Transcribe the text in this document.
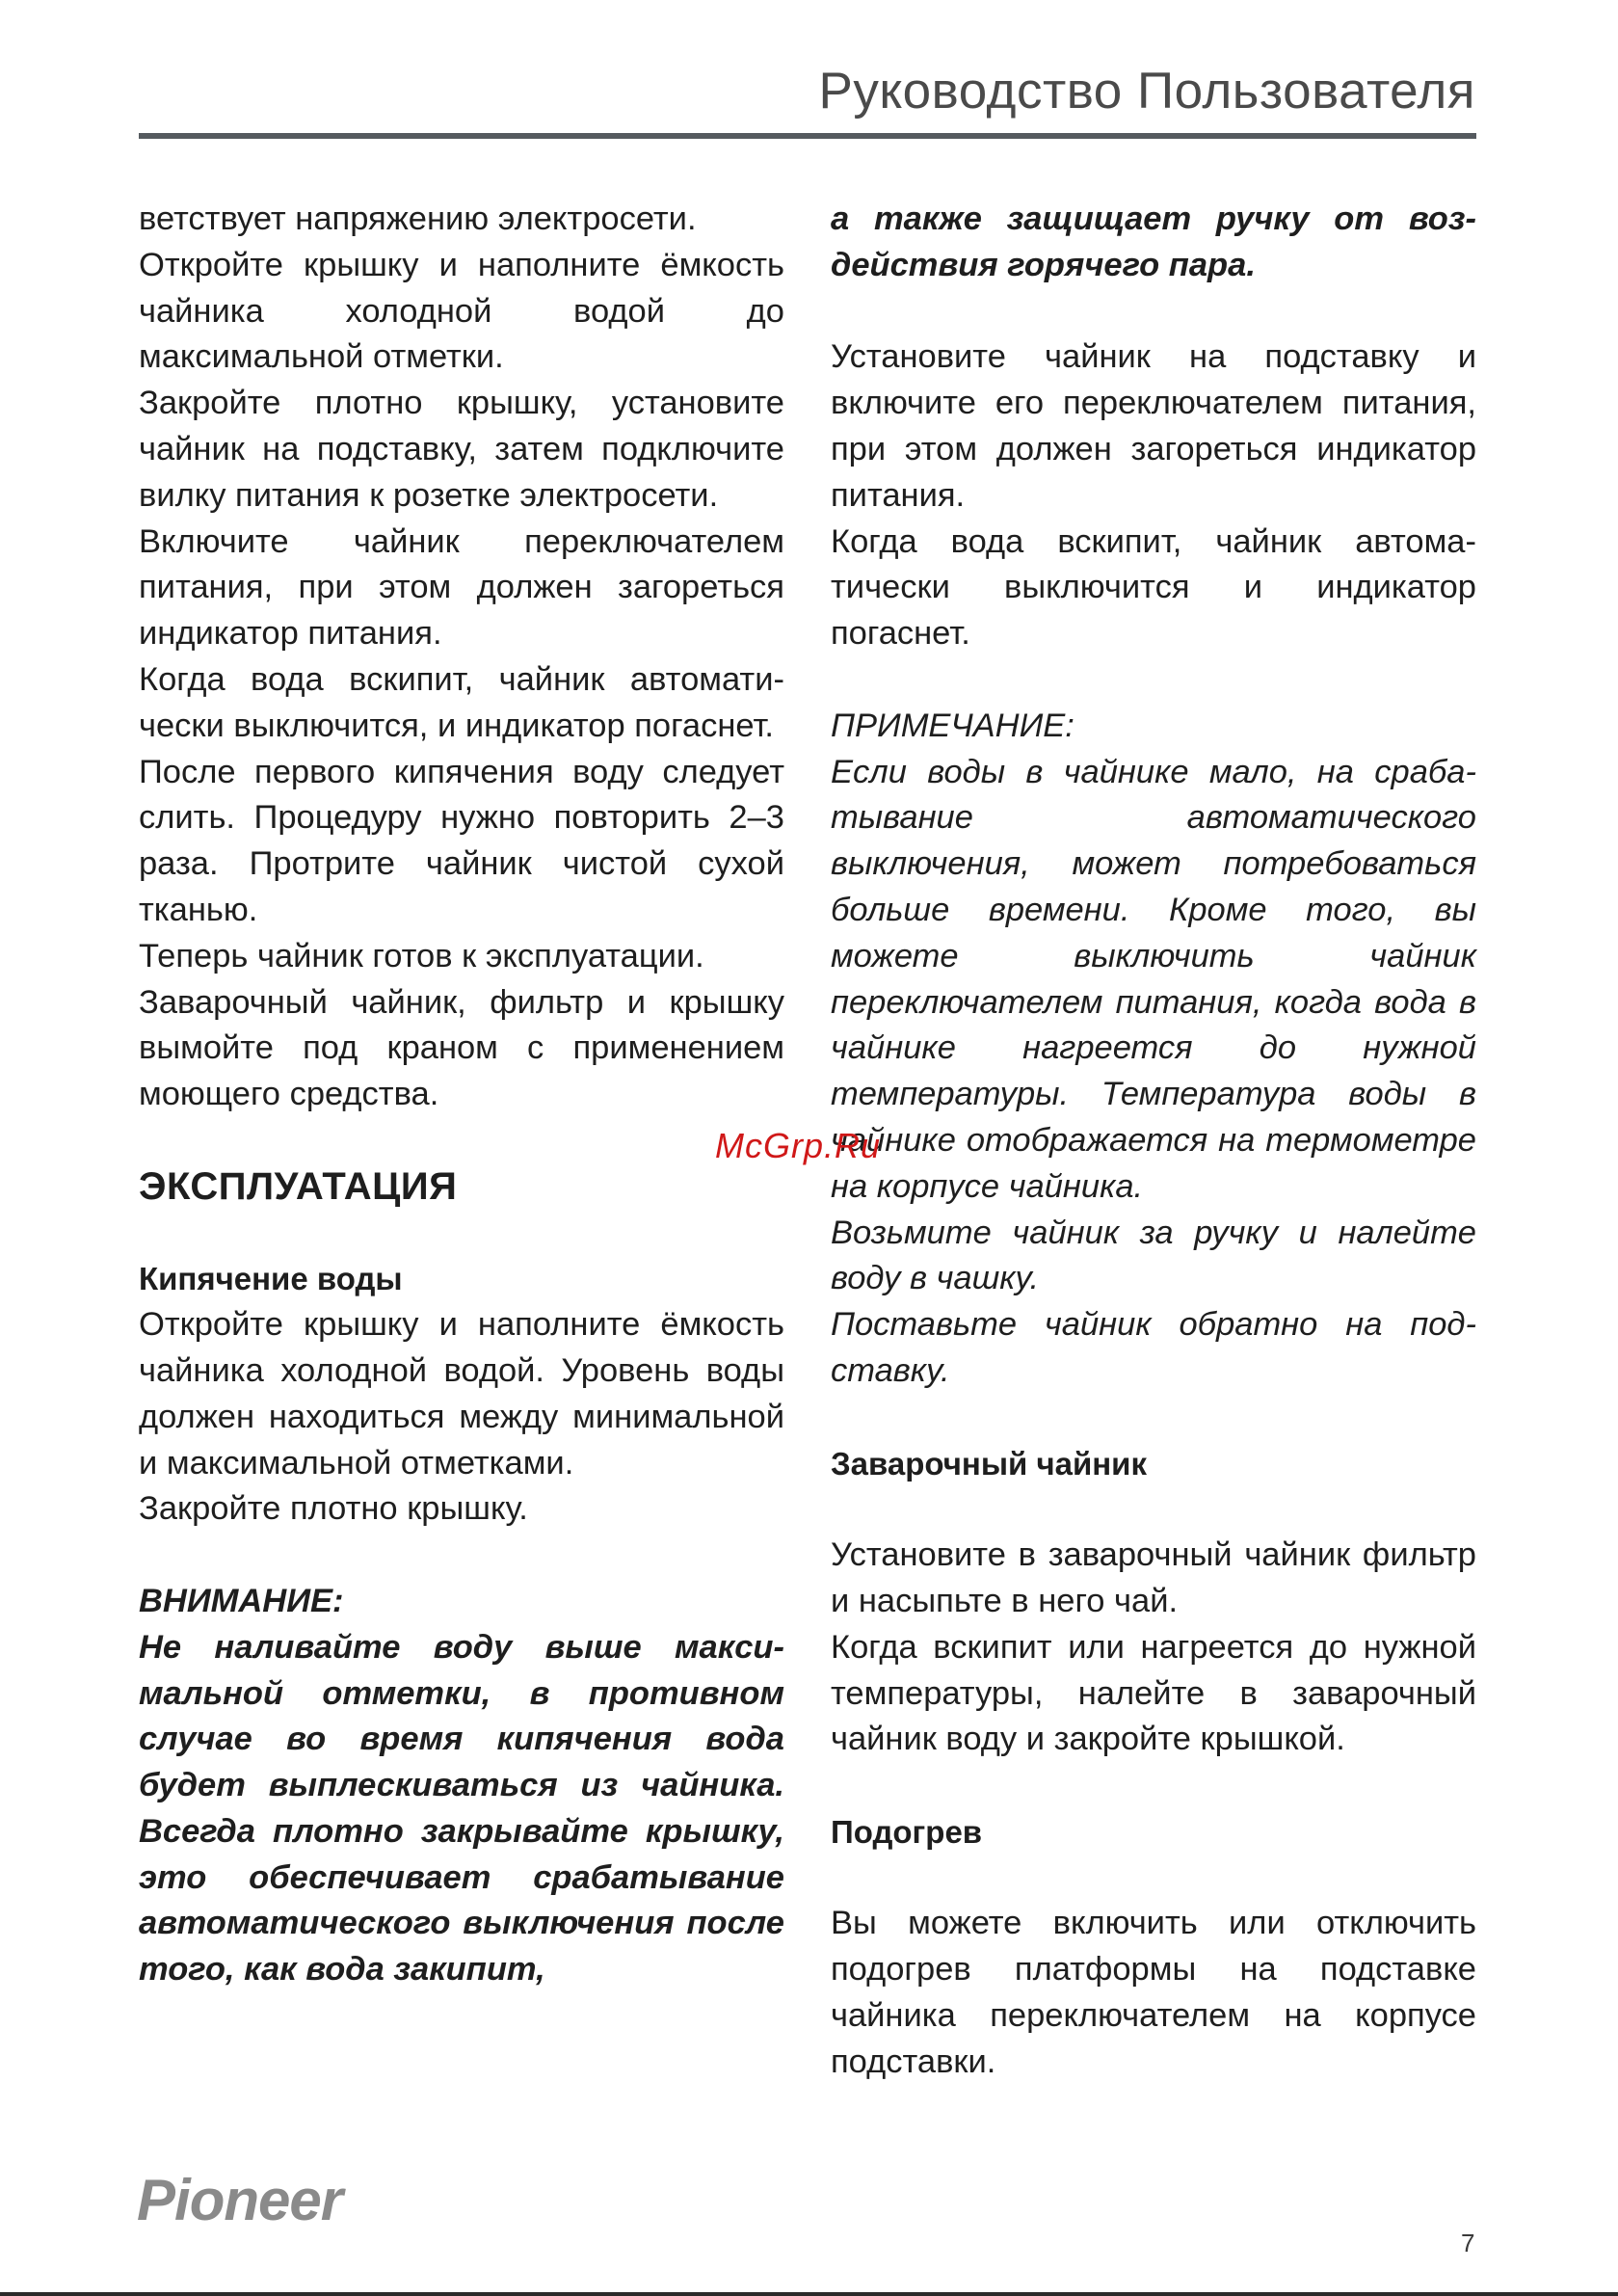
Руководство Пользователя

ветствует напряжению электросети.

Откройте крышку и наполните ёмкость чайника холодной водой до максимальной отметки.

Закройте плотно крышку, установите чайник на подставку, затем подключите вилку питания к розетке электросети.

Включите чайник переключателем питания, при этом должен загореться индикатор питания.

Когда вода вскипит, чайник автоматически выключится, и индикатор погаснет.

После первого кипячения воду следует слить. Процедуру нужно повторить 2–3 раза. Протрите чайник чистой сухой тканью.

Теперь чайник готов к эксплуатации.

Заварочный чайник, фильтр и крышку вымойте под краном с применением моющего средства.

ЭКСПЛУАТАЦИЯ

Кипячение воды

Откройте крышку и наполните ёмкость чайника холодной водой. Уровень воды должен находиться между минимальной и максимальной отметками.

Закройте плотно крышку.

ВНИМАНИЕ:

Не наливайте воду выше максимальной отметки, в противном случае во время кипячения вода будет выплескиваться из чайника. Всегда плотно закрывайте крышку, это обеспечивает срабатывание автоматического выключения после того, как вода закипит,

а также защищает ручку от воздействия горячего пара.

Установите чайник на подставку и включите его переключателем питания, при этом должен загореться индикатор питания.

Когда вода вскипит, чайник автоматически выключится и индикатор погаснет.

ПРИМЕЧАНИЕ:

Если воды в чайнике мало, на срабатывание автоматического выключения, может потребоваться больше времени. Кроме того, вы можете выключить чайник переключателем питания, когда вода в чайнике нагреется до нужной температуры. Температура воды в чайнике отображается на термометре на корпусе чайника.

Возьмите чайник за ручку и налейте воду в чашку.

Поставьте чайник обратно на подставку.

Заварочный чайник

Установите в заварочный чайник фильтр и насыпьте в него чай.

Когда вскипит или нагреется до нужной температуры, налейте в заварочный чайник воду и закройте крышкой.

Подогрев

Вы можете включить или отключить подогрев платформы на подставке чайника переключателем на корпусе подставки.

McGrp.Ru
Pioneer
7
